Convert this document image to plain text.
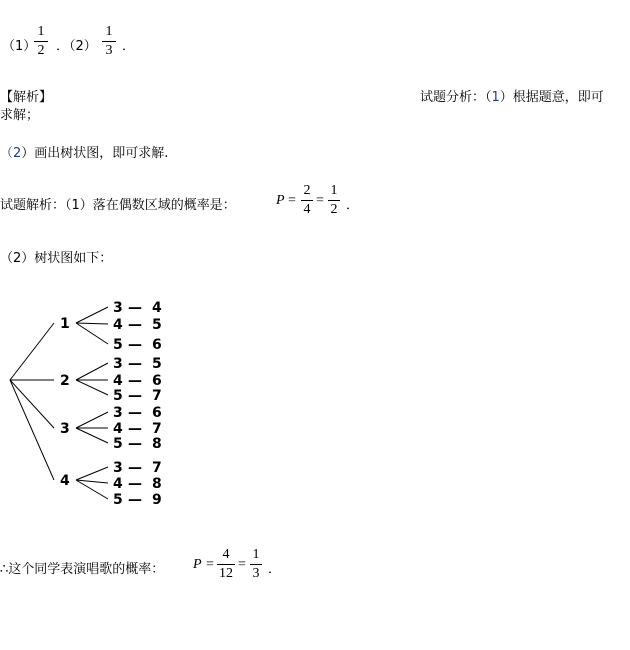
（1）
1
2 ．（2）
1
3 ．
【解析】	试题分析：（1）根据题意，即可
求解；
（2）画出树状图，即可求解.
试题解析：（1）落在偶数区域的概率是：	P =
2
4
=
1
2 ．
（2）树状图如下：
1
2
3
4
3 — 4
4 — 5
5 — 6
3 — 5
4 — 6
5 — 7
3 — 6
4 — 7
5 — 8
3 — 7
4 — 8
5 — 9
∴这个同学表演唱歌的概率： P =
4
12
=
1
3 ．
